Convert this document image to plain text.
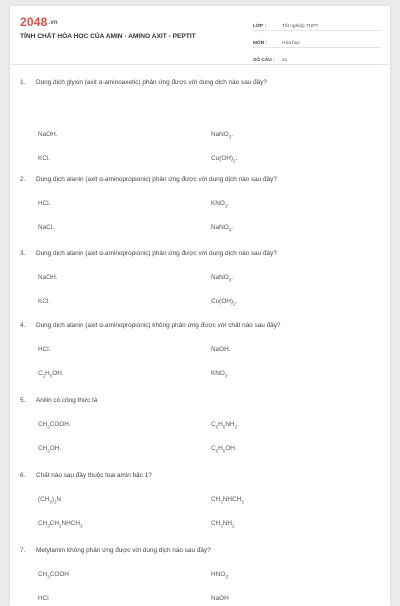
2048.vn
TÍNH CHẤT HÓA HỌC CỦA AMIN - AMINO AXIT - PEPTIT
LỚP :	Tốt nghiệp THPT
MÔN :	Hóa học
SỐ CÂU :	41
1.	Dung dịch glyxin (axit α-aminoaxetic) phản ứng được với dung dịch nào sau đây?
NaOH.	NaNO$_3$.
KCl.	$Cu(OH)_2$.
2.	Dung dịch alanin (axit α-aminopropionic) phản ứng được với dung dịch nào sau đây?
HCl.	$KNO_3$.
NaCl.	NaNO$_3$.
3.	Dung dịch alanin (axit α-aminopropionic) phản ứng được với dung dịch nào sau đây?
NaOH.	NaNO$_3$.
KCl.	$Cu(OH)_2$.
4.	Dung dịch alanin (axit α-aminopropionic) không phản ứng được với chất nào sau đây?
HCl.	NaOH.
$C_2H_5OH$.	$KNO_3$.
5.	Anilin có công thức là
$CH_3COOH$.	$C_6H_5NH_2$.
$CH_3OH$.	$C_6H_5OH$.
6.	Chất nào sau đây thuộc loại amin bậc 1?
$(CH_3)_3N$	$CH_3NHCH_3$
$CH_3CH_2NHCH_3$	$CH_3NH_2$
7.	Metylamin không phản ứng được với dung dịch nào sau đây?
$CH_3COOH$	$HNO_3$.
HCl	NaOH
